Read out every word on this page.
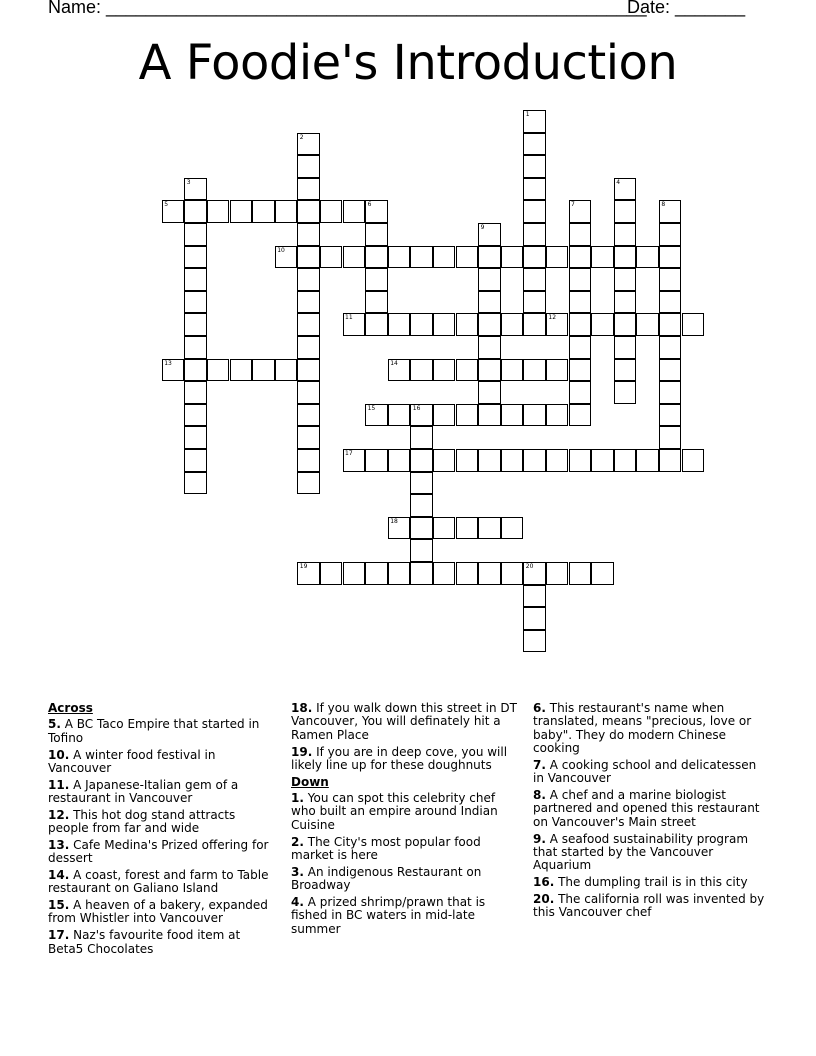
Name: ______________________________________________________
Date: _______
A Foodie's Introduction
1
2
3	4
5	6	7	8
9
10
11	12
13	14
15	16
17
18
19	20
Across
5. A BC Taco Empire that started in Tofino
10. A winter food festival in Vancouver
11. A Japanese-Italian gem of a restaurant in Vancouver
12. This hot dog stand attracts people from far and wide
13. Cafe Medina's Prized offering for dessert
14. A coast, forest and farm to Table restaurant on Galiano Island
15. A heaven of a bakery, expanded from Whistler into Vancouver
17. Naz's favourite food item at Beta5 Chocolates
18. If you walk down this street in DT Vancouver, You will definately hit a Ramen Place
19. If you are in deep cove, you will likely line up for these doughnuts
Down
1. You can spot this celebrity chef who built an empire around Indian Cuisine
2. The City's most popular food market is here
3. An indigenous Restaurant on Broadway
4. A prized shrimp/prawn that is fished in BC waters in mid-late summer
6. This restaurant's name when translated, means "precious, love or baby". They do modern Chinese cooking
7. A cooking school and delicatessen in Vancouver
8. A chef and a marine biologist partnered and opened this restaurant on Vancouver's Main street
9. A seafood sustainability program that started by the Vancouver Aquarium
16. The dumpling trail is in this city
20. The california roll was invented by this Vancouver chef
